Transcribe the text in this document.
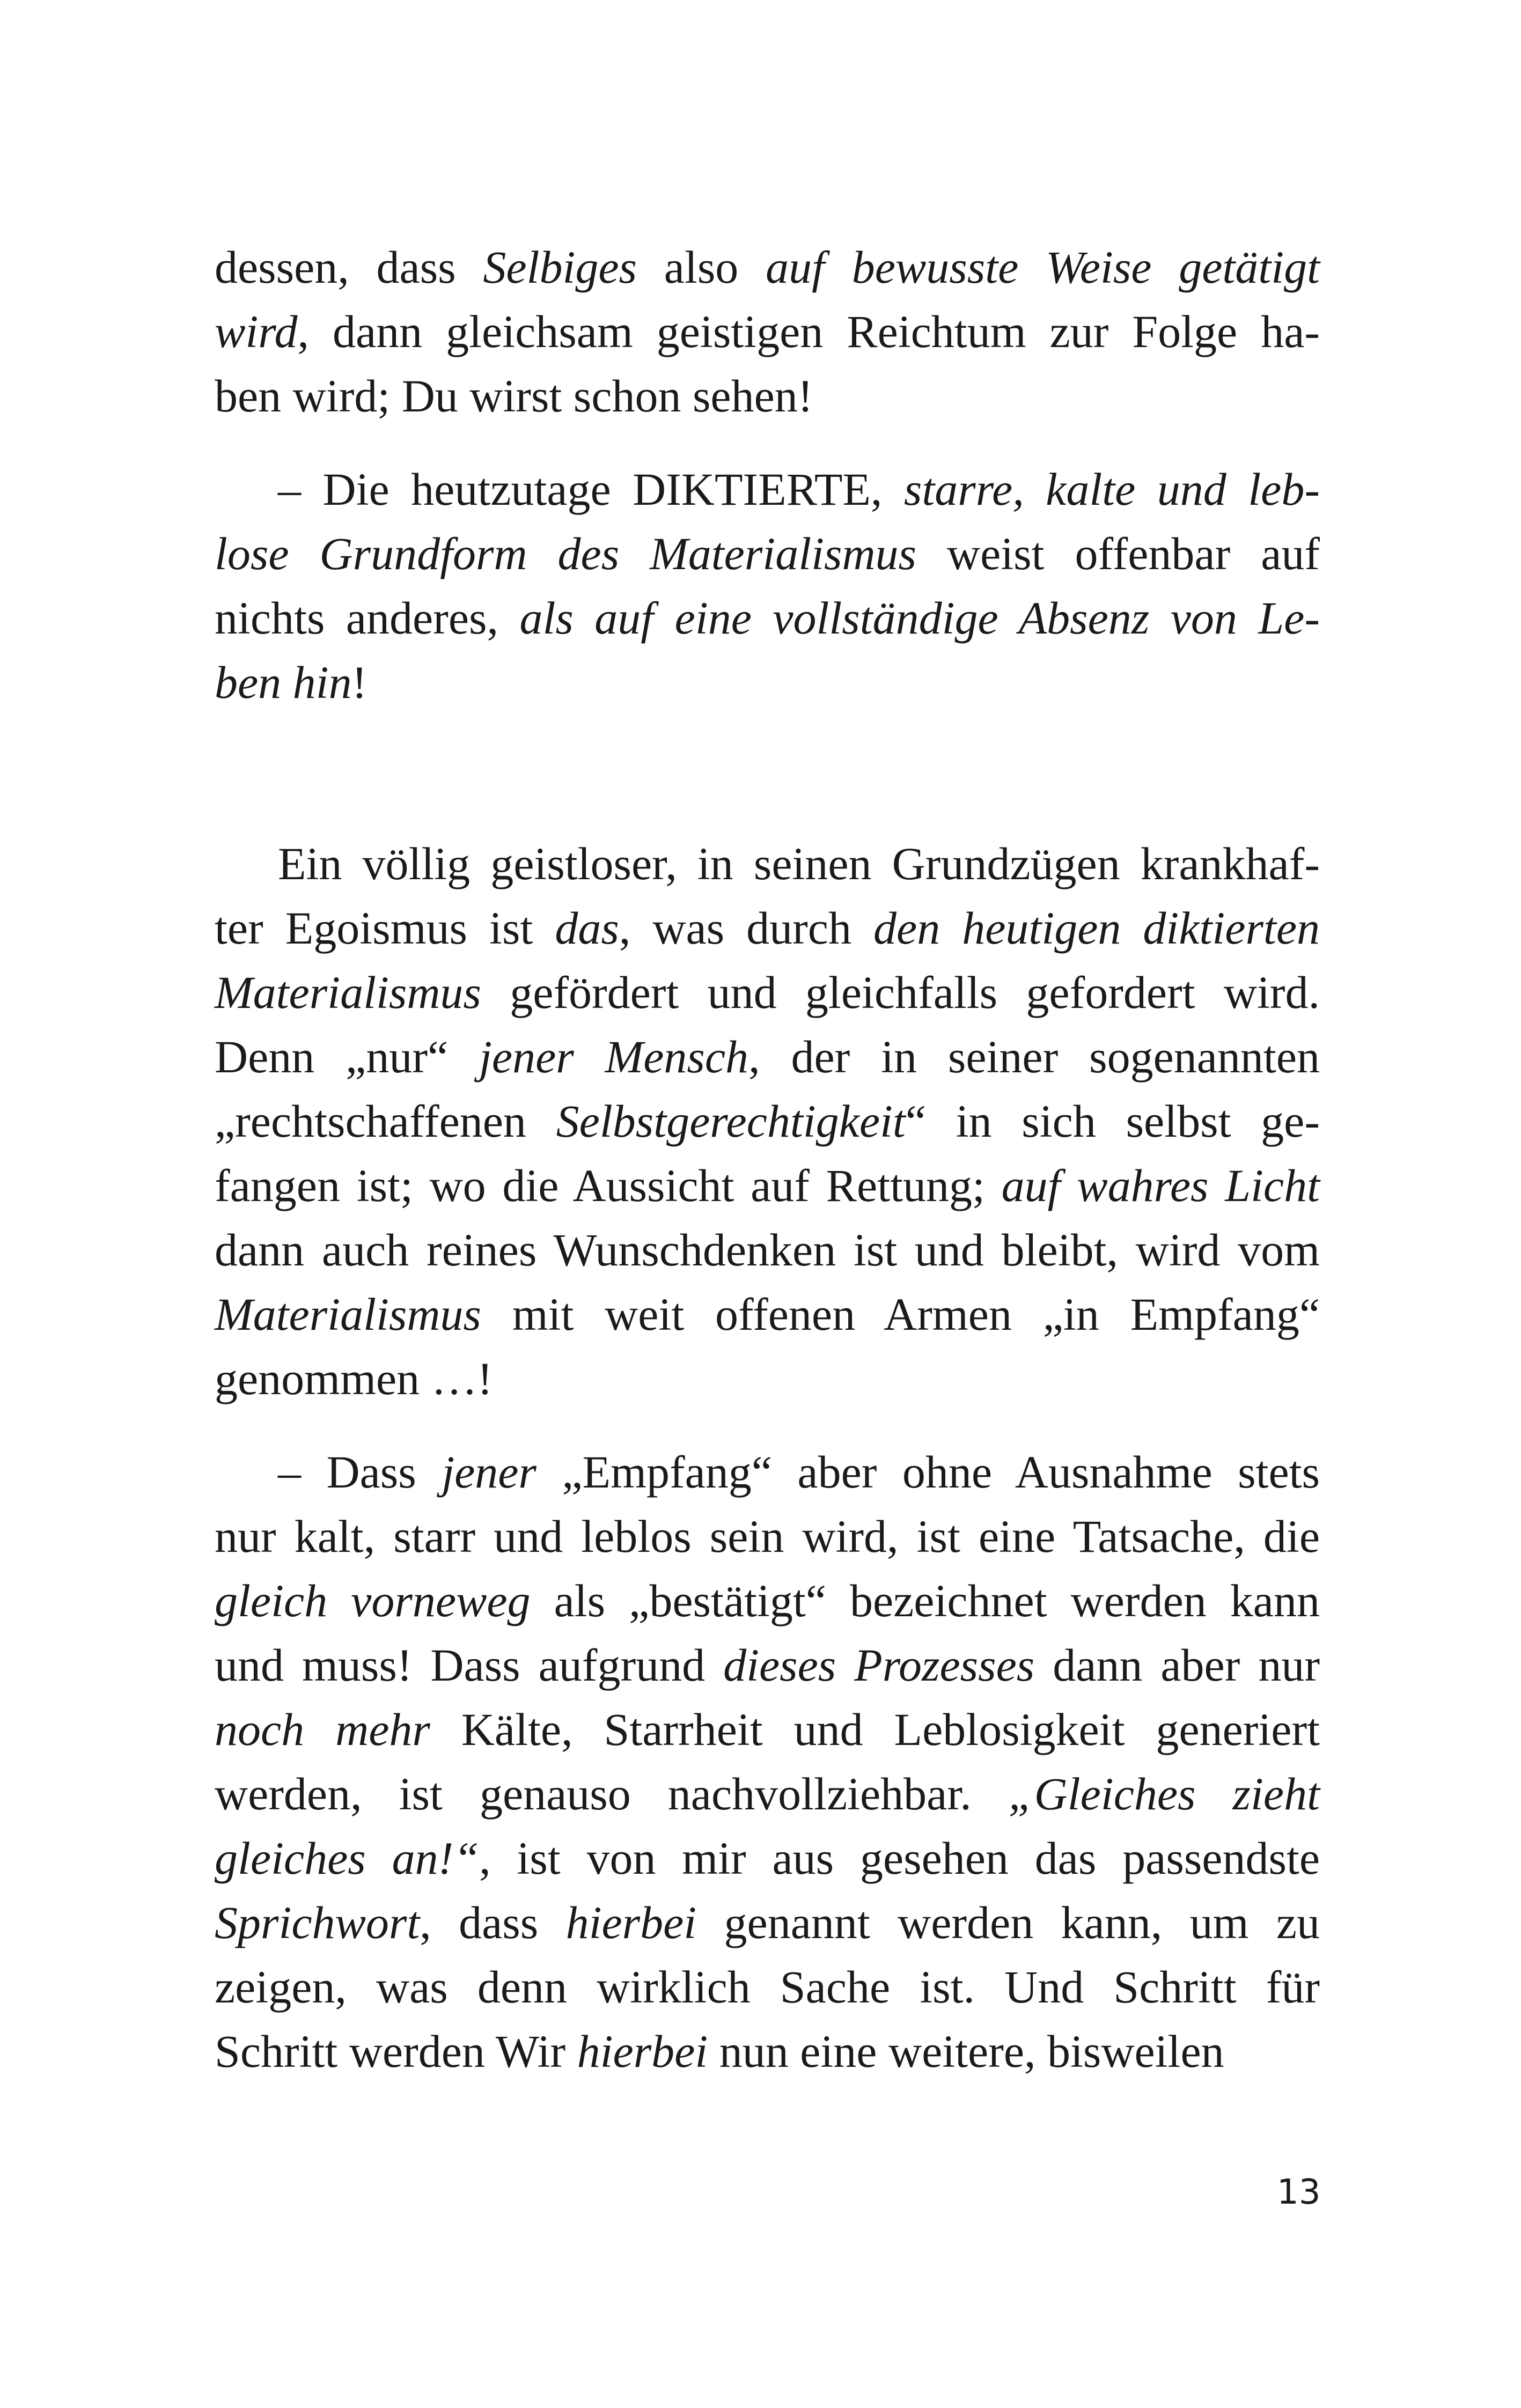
dessen, dass Selbiges also auf bewusste Weise getätigt
wird, dann gleichsam geistigen Reichtum zur Folge ha-
ben wird; Du wirst schon sehen!
– Die heutzutage DIKTIERTE, starre, kalte und leb-
lose Grundform des Materialismus weist offenbar auf
nichts anderes, als auf eine vollständige Absenz von Le-
ben hin!
Ein völlig geistloser, in seinen Grundzügen krankhaf-
ter Egoismus ist das, was durch den heutigen diktierten
Materialismus gefördert und gleichfalls gefordert wird.
Denn „nur“ jener Mensch, der in seiner sogenannten
„rechtschaffenen Selbstgerechtigkeit“ in sich selbst ge-
fangen ist; wo die Aussicht auf Rettung; auf wahres Licht
dann auch reines Wunschdenken ist und bleibt, wird vom
Materialismus mit weit offenen Armen „in Empfang“
genommen …!
– Dass jener „Empfang“ aber ohne Ausnahme stets
nur kalt, starr und leblos sein wird, ist eine Tatsache, die
gleich vorneweg als „bestätigt“ bezeichnet werden kann
und muss! Dass aufgrund dieses Prozesses dann aber nur
noch mehr Kälte, Starrheit und Leblosigkeit generiert
werden, ist genauso nachvollziehbar. „Gleiches zieht
gleiches an!“, ist von mir aus gesehen das passendste
Sprichwort, dass hierbei genannt werden kann, um zu
zeigen, was denn wirklich Sache ist. Und Schritt für
Schritt werden Wir hierbei nun eine weitere, bisweilen
13
